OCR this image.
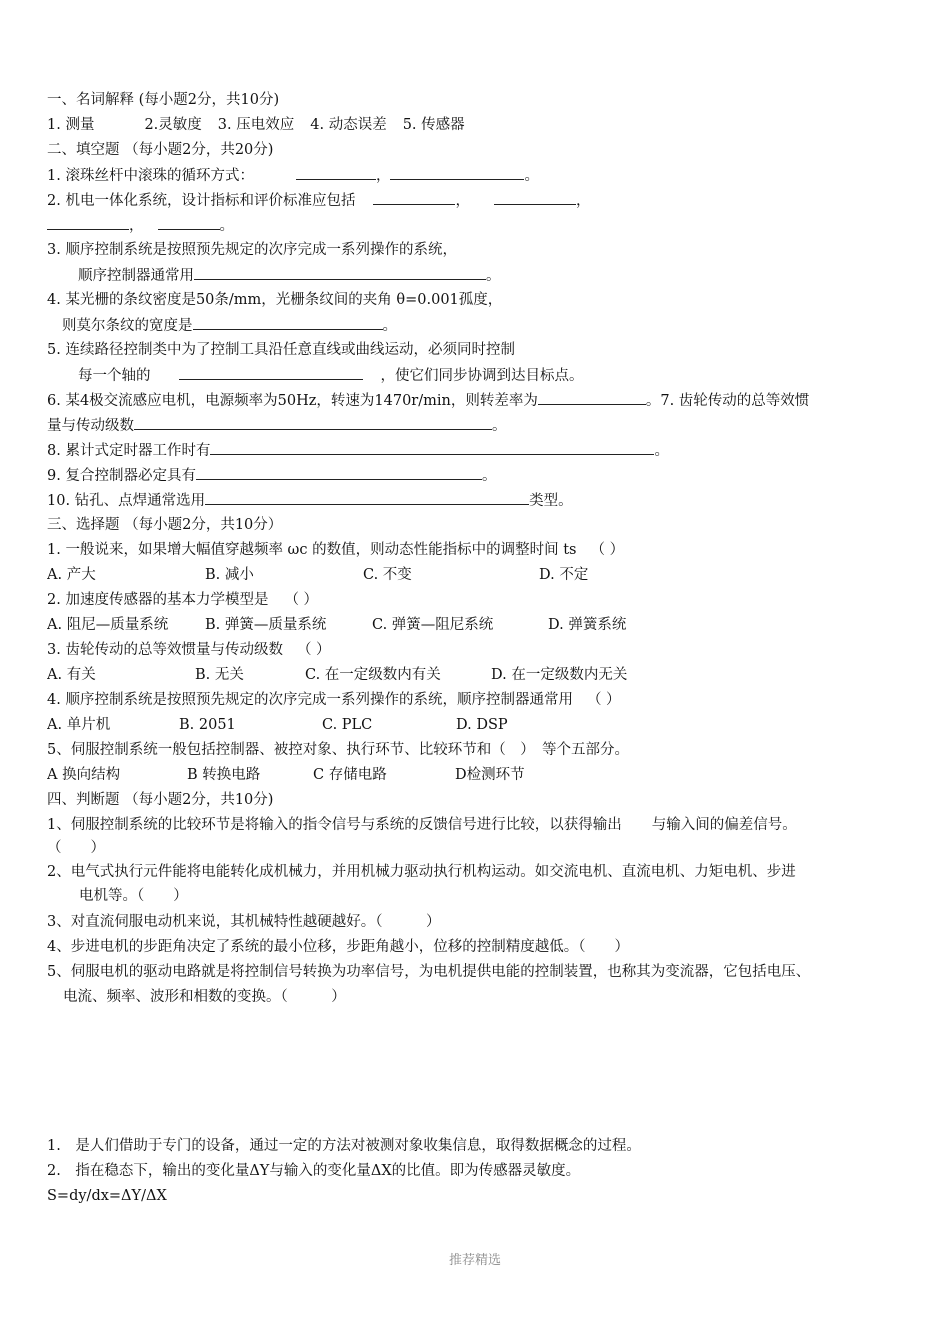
一、名词解释 (每小题2分，共10分)
1. 测量	2.灵敏度 3. 压电效应 4. 动态误差 5. 传感器
二、填空题 （每小题2分，共20分)
1. 滚珠丝杆中滚珠的循环方式：	，	。
2. 机电一体化系统，设计指标和评价标准应包括	，	，
，	。
3. 顺序控制系统是按照预先规定的次序完成一系列操作的系统，
顺序控制器通常用	。
4. 某光栅的条纹密度是50条/mm，光栅条纹间的夹角 θ=0.001孤度，
则莫尔条纹的宽度是	。
5. 连续路径控制类中为了控制工具沿任意直线或曲线运动，必须同时控制
每一个轴的	，使它们同步协调到达目标点。
6. 某4极交流感应电机，电源频率为50Hz，转速为1470r/min，则转差率为	。7. 齿轮传动的总等效惯
量与传动级数	。
8. 累计式定时器工作时有	。
9. 复合控制器必定具有	。
10. 钻孔、点焊通常选用	类型。
三、选择题 （每小题2分，共10分）
1. 一般说来，如果增大幅值穿越频率 ωc 的数值，则动态性能指标中的调整时间 ts （ ）
A. 产大	B. 减小	C. 不变	D. 不定
2. 加速度传感器的基本力学模型是 （ ）
A. 阻尼—质量系统	B. 弹簧—质量系统	C. 弹簧—阻尼系统	D. 弹簧系统
3. 齿轮传动的总等效惯量与传动级数 （ ）
A. 有关	B. 无关	C. 在一定级数内有关	D. 在一定级数内无关
4. 顺序控制系统是按照预先规定的次序完成一系列操作的系统，顺序控制器通常用 （ ）
A. 单片机	B. 2051	C. PLC	D. DSP
5、伺服控制系统一般包括控制器、被控对象、执行环节、比较环节和（　）　等个五部分。
A 换向结构	B 转换电路	C 存储电路	D检测环节
四、判断题 （每小题2分，共10分)
1、伺服控制系统的比较环节是将输入的指令信号与系统的反馈信号进行比较，以获得输出 与输入间的偏差信号。
（　　）
2、电气式执行元件能将电能转化成机械力，并用机械力驱动执行机构运动。如交流电机、直流电机、力矩电机、步进
电机等。（　　）
3、对直流伺服电动机来说，其机械特性越硬越好。（　　　）
4、步进电机的步距角决定了系统的最小位移，步距角越小，位移的控制精度越低。（　　）
5、伺服电机的驱动电路就是将控制信号转换为功率信号，为电机提供电能的控制装置，也称其为变流器，它包括电压、
电流、频率、波形和相数的变换。（　　　）
1.　是人们借助于专门的设备，通过一定的方法对被测对象收集信息，取得数据概念的过程。
2.　指在稳态下，输出的变化量ΔY与输入的变化量ΔX的比值。即为传感器灵敏度。
S=dy/dx=ΔY/ΔX
推荐精选
